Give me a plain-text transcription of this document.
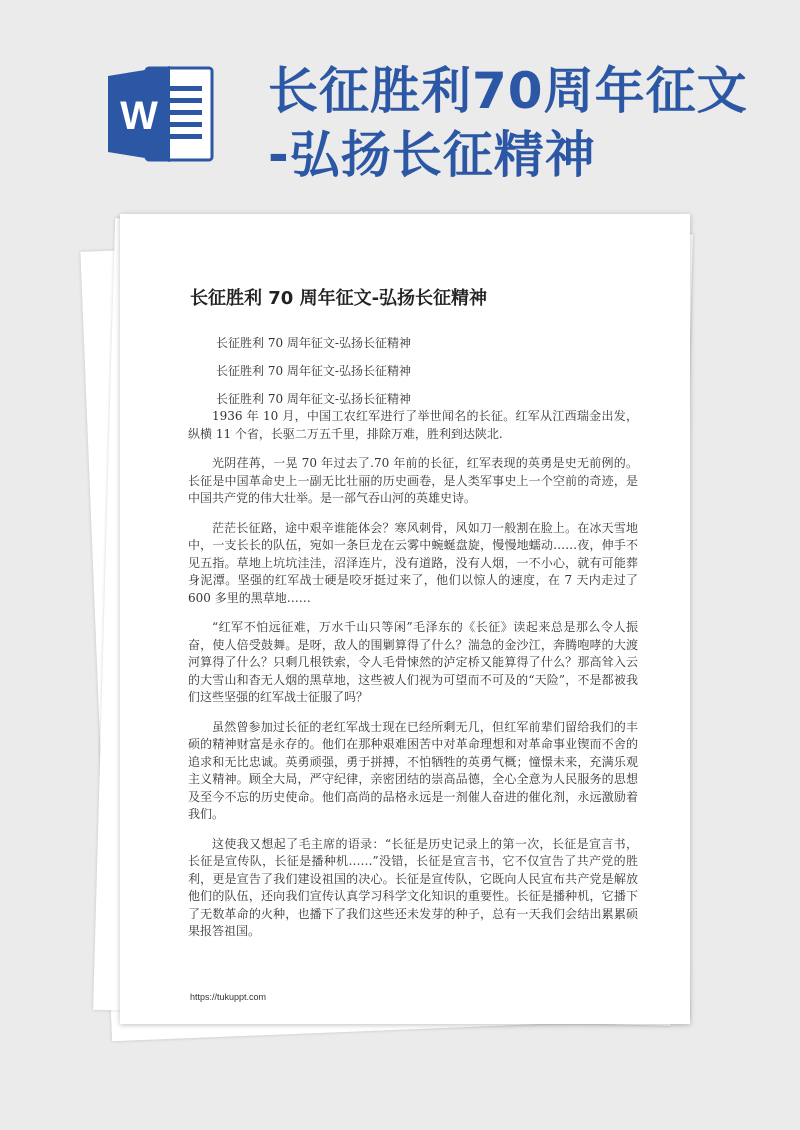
W 长征胜利70周年征文
-弘扬长征精神
长征胜利 70 周年征文-弘扬长征精神
长征胜利 70 周年征文-弘扬长征精神
长征胜利 70 周年征文-弘扬长征精神
长征胜利 70 周年征文-弘扬长征精神

1936 年 10 月，中国工农红军进行了举世闻名的长征。红军从江西瑞金出发，纵横 11 个省，长驱二万五千里，排除万难，胜利到达陕北.

光阴荏苒，一晃 70 年过去了.70 年前的长征，红军表现的英勇是史无前例的。长征是中国革命史上一副无比壮丽的历史画卷，是人类军事史上一个空前的奇迹，是中国共产党的伟大壮举。是一部气吞山河的英雄史诗。

茫茫长征路，途中艰辛谁能体会？寒风刺骨，风如刀一般割在脸上。在冰天雪地中，一支长长的队伍，宛如一条巨龙在云雾中蜿蜒盘旋，慢慢地蠕动……夜，伸手不见五指。草地上坑坑洼洼，沼泽连片，没有道路，没有人烟，一不小心，就有可能葬身泥潭。坚强的红军战士硬是咬牙挺过来了，他们以惊人的速度，在 7 天内走过了 600 多里的黑草地……

“红军不怕远征难，万水千山只等闲”毛泽东的《长征》读起来总是那么令人振奋，使人倍受鼓舞。是呀，敌人的围剿算得了什么？湍急的金沙江，奔腾咆哮的大渡河算得了什么？只剩几根铁索，令人毛骨悚然的泸定桥又能算得了什么？那高耸入云的大雪山和杳无人烟的黑草地，这些被人们视为可望而不可及的“天险”，不是都被我们这些坚强的红军战士征服了吗？

虽然曾参加过长征的老红军战士现在已经所剩无几，但红军前辈们留给我们的丰硕的精神财富是永存的。他们在那种艰难困苦中对革命理想和对革命事业锲而不舍的追求和无比忠诚。英勇顽强，勇于拼搏，不怕牺牲的英勇气概；憧憬未来，充满乐观主义精神。顾全大局，严守纪律，亲密团结的崇高品德，全心全意为人民服务的思想及至今不忘的历史使命。他们高尚的品格永远是一剂催人奋进的催化剂，永远激励着我们。

这使我又想起了毛主席的语录：“长征是历史记录上的第一次，长征是宣言书，长征是宣传队，长征是播种机……”没错，长征是宣言书，它不仅宣告了共产党的胜利，更是宣告了我们建设祖国的决心。长征是宣传队，它既向人民宣布共产党是解放他们的队伍，还向我们宣传认真学习科学文化知识的重要性。长征是播种机，它播下了无数革命的火种，也播下了我们这些还未发芽的种子，总有一天我们会结出累累硕果报答祖国。

https://tukuppt.com
